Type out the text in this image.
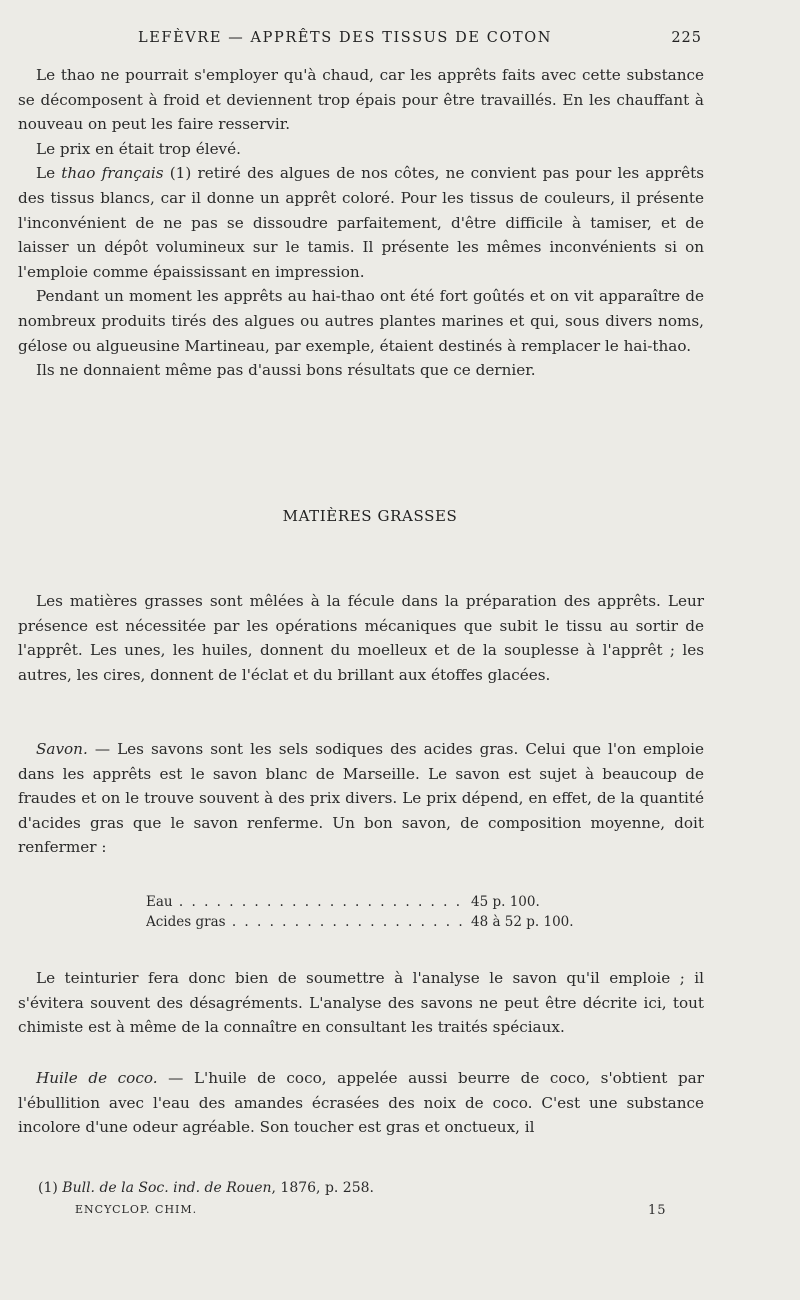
LEFÈVRE — APPRÊTS DES TISSUS DE COTON	225

Le thao ne pourrait s'employer qu'à chaud, car les apprêts faits avec cette substance se décomposent à froid et deviennent trop épais pour être travaillés. En les chauffant à nouveau on peut les faire resservir.

Le prix en était trop élevé.

Le thao français (1) retiré des algues de nos côtes, ne convient pas pour les apprêts des tissus blancs, car il donne un apprêt coloré. Pour les tissus de couleurs, il présente l'inconvénient de ne pas se dissoudre parfaitement, d'être difficile à tamiser, et de laisser un dépôt volumineux sur le tamis. Il présente les mêmes inconvénients si on l'emploie comme épaississant en impression.

Pendant un moment les apprêts au hai-thao ont été fort goûtés et on vit apparaître de nombreux produits tirés des algues ou autres plantes marines et qui, sous divers noms, gélose ou algueusine Martineau, par exemple, étaient destinés à remplacer le hai-thao.

Ils ne donnaient même pas d'aussi bons résultats que ce dernier.

MATIÈRES GRASSES

Les matières grasses sont mêlées à la fécule dans la préparation des apprêts. Leur présence est nécessitée par les opérations mécaniques que subit le tissu au sortir de l'apprêt. Les unes, les huiles, donnent du moelleux et de la souplesse à l'apprêt ; les autres, les cires, donnent de l'éclat et du brillant aux étoffes glacées.

Savon. — Les savons sont les sels sodiques des acides gras. Celui que l'on emploie dans les apprêts est le savon blanc de Marseille. Le savon est sujet à beaucoup de fraudes et on le trouve souvent à des prix divers. Le prix dépend, en effet, de la quantité d'acides gras que le savon renferme. Un bon savon, de composition moyenne, doit renfermer :

Eau . . .	45 p. 100.
Acides gras . . .	48 à 52 p. 100.

Le teinturier fera donc bien de soumettre à l'analyse le savon qu'il emploie ; il s'évitera souvent des désagréments. L'analyse des savons ne peut être décrite ici, tout chimiste est à même de la connaître en consultant les traités spéciaux.

Huile de coco. — L'huile de coco, appelée aussi beurre de coco, s'obtient par l'ébullition avec l'eau des amandes écrasées des noix de coco. C'est une substance incolore d'une odeur agréable. Son toucher est gras et onctueux, il

(1) Bull. de la Soc. ind. de Rouen, 1876, p. 258.
ENCYCLOP. CHIM.	15
